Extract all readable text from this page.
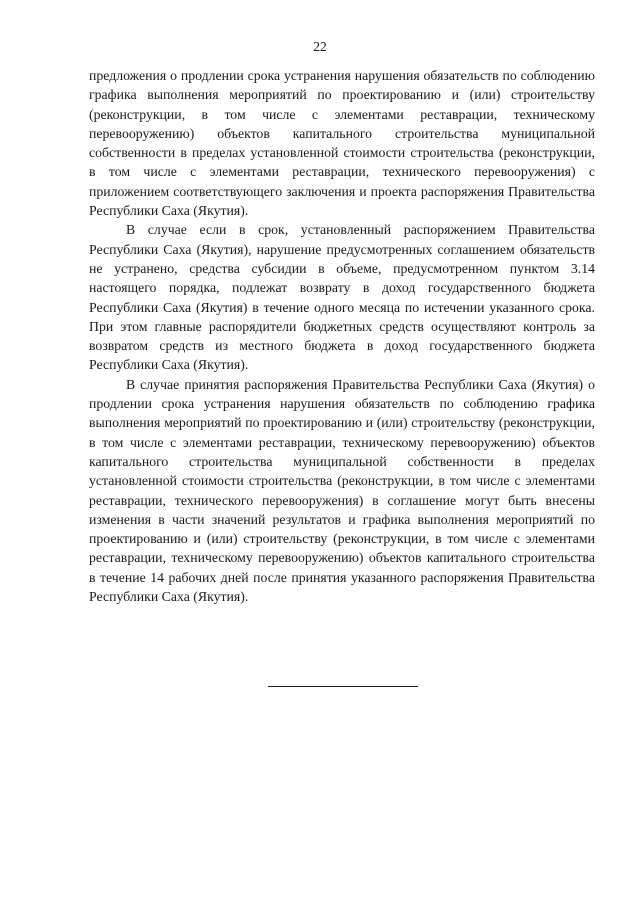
22

предложения о продлении срока устранения нарушения обязательств по соблюдению графика выполнения мероприятий по проектированию и (или) строительству (реконструкции, в том числе с элементами реставрации, техническому перевооружению) объектов капитального строительства муниципальной собственности в пределах установленной стоимости строительства (реконструкции, в том числе с элементами реставрации, технического перевооружения) с приложением соответствующего заключения и проекта распоряжения Правительства Республики Саха (Якутия).

В случае если в срок, установленный распоряжением Правительства Республики Саха (Якутия), нарушение предусмотренных соглашением обязательств не устранено, средства субсидии в объеме, предусмотренном пунктом 3.14 настоящего порядка, подлежат возврату в доход государственного бюджета Республики Саха (Якутия) в течение одного месяца по истечении указанного срока. При этом главные распорядители бюджетных средств осуществляют контроль за возвратом средств из местного бюджета в доход государственного бюджета Республики Саха (Якутия).

В случае принятия распоряжения Правительства Республики Саха (Якутия) о продлении срока устранения нарушения обязательств по соблюдению графика выполнения мероприятий по проектированию и (или) строительству (реконструкции, в том числе с элементами реставрации, техническому перевооружению) объектов капитального строительства муниципальной собственности в пределах установленной стоимости строительства (реконструкции, в том числе с элементами реставрации, технического перевооружения) в соглашение могут быть внесены изменения в части значений результатов и графика выполнения мероприятий по проектированию и (или) строительству (реконструкции, в том числе с элементами реставрации, техническому перевооружению) объектов капитального строительства в течение 14 рабочих дней после принятия указанного распоряжения Правительства Республики Саха (Якутия).
